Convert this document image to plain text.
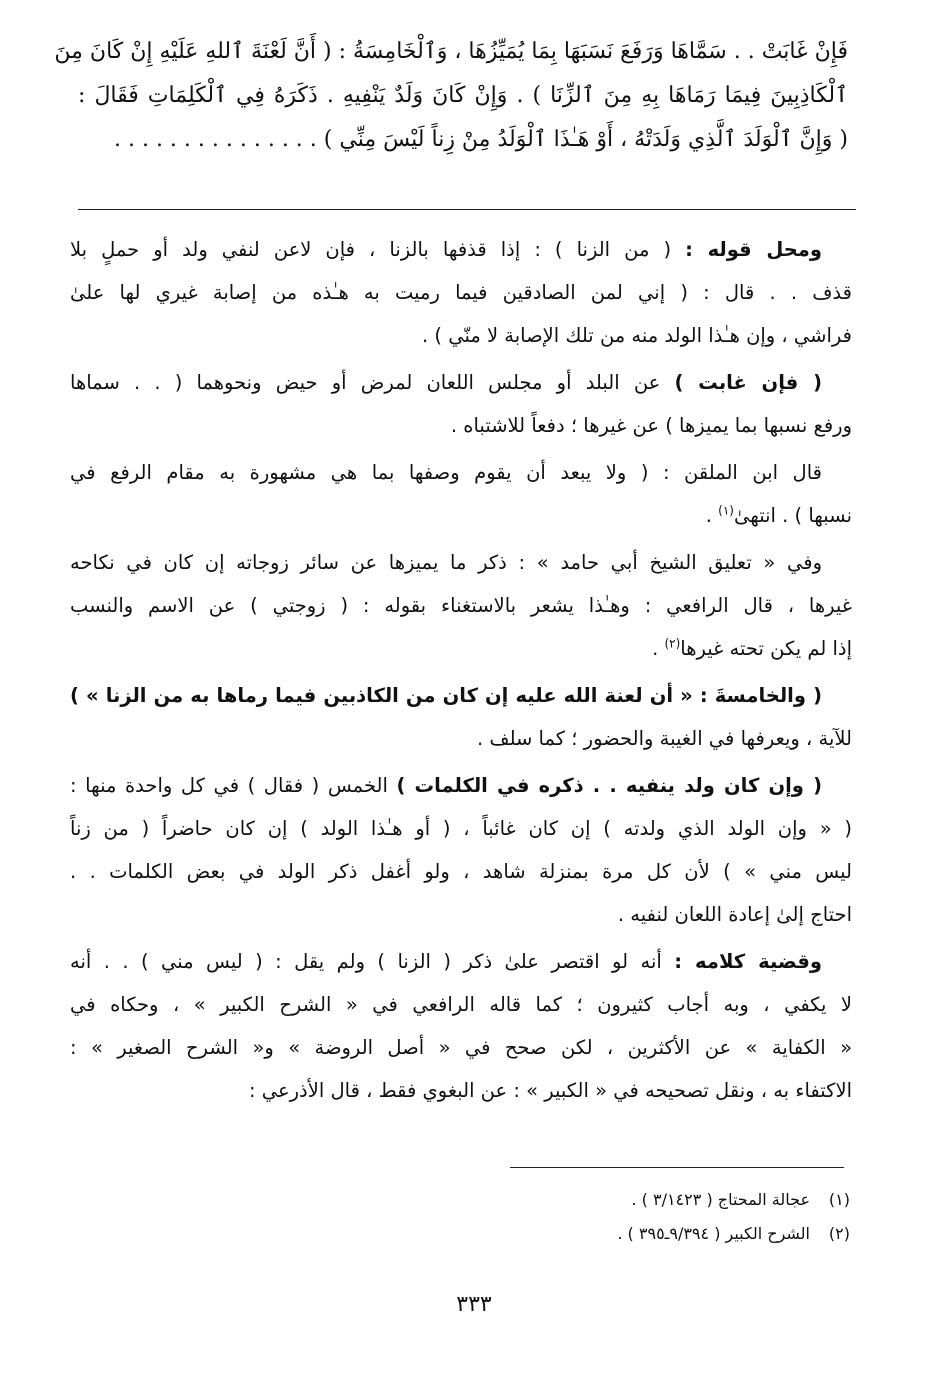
فَإِنْ غَابَتْ . . سَمَّاهَا وَرَفَعَ نَسَبَهَا بِمَا يُمَيِّزُهَا ، وَٱلْخَامِسَةُ : ( أَنَّ لَعْنَةَ ٱللهِ عَلَيْهِ إِنْ كَانَ مِنَ
ٱلْكَاذِبِينَ فِيمَا رَمَاهَا بِهِ مِنَ ٱلزِّنَا ) . وَإِنْ كَانَ وَلَدٌ يَنْفِيهِ . ذَكَرَهُ فِي ٱلْكَلِمَاتِ فَقَالَ :
( وَإِنَّ ٱلْوَلَدَ ٱلَّذِي وَلَدَتْهُ ، أَوْ هَـٰذَا ٱلْوَلَدُ مِنْ زِناً لَيْسَ مِنِّي ) . . . . . . . . . . . . . . .

ومحل قوله : ( من الزنا ) : إذا قذفها بالزنا ، فإن لاعن لنفي ولد أو حملٍ بلا
قذف . . قال : ( إني لمن الصادقين فيما رميت به هـٰذه من إصابة غيري لها علىٰ
فراشي ، وإن هـٰذا الولد منه من تلك الإصابة لا منّي ) .
( فإن غابت ) عن البلد أو مجلس اللعان لمرض أو حيض ونحوهما ( . . سماها
ورفع نسبها بما يميزها ) عن غيرها ؛ دفعاً للاشتباه .
قال ابن الملقن : ( ولا يبعد أن يقوم وصفها بما هي مشهورة به مقام الرفع في
نسبها ) . انتهىٰ$^{(١)}$ .
وفي « تعليق الشيخ أبي حامد » : ذكر ما يميزها عن سائر زوجاته إن كان في نكاحه
غيرها ، قال الرافعي : وهـٰذا يشعر بالاستغناء بقوله : ( زوجتي ) عن الاسم والنسب
إذا لم يكن تحته غيرها$^{(٢)}$ .
( والخامسةَ : « أن لعنة الله عليه إن كان من الكاذبين فيما رماها به من الزنا » )
للآية ، ويعرفها في الغيبة والحضور ؛ كما سلف .
( وإن كان ولد ينفيه . . ذكره في الكلمات ) الخمس ( فقال ) في كل واحدة منها :
( « وإن الولد الذي ولدته ) إن كان غائباً ، ( أو هـٰذا الولد ) إن كان حاضراً ( من زناً
ليس مني » ) لأن كل مرة بمنزلة شاهد ، ولو أغفل ذكر الولد في بعض الكلمات . .
احتاج إلىٰ إعادة اللعان لنفيه .
وقضية كلامه : أنه لو اقتصر علىٰ ذكر ( الزنا ) ولم يقل : ( ليس مني ) . . أنه
لا يكفي ، وبه أجاب كثيرون ؛ كما قاله الرافعي في « الشرح الكبير » ، وحكاه في
« الكفاية » عن الأكثرين ، لكن صحح في « أصل الروضة » و« الشرح الصغير » :
الاكتفاء به ، ونقل تصحيحه في « الكبير » : عن البغوي فقط ، قال الأذرعي :
(١)عجالة المحتاج ( ٣/١٤٢٣ ) .
(٢)الشرح الكبير ( ٩/٣٩٤ـ٣٩٥ ) .
٣٣٣
